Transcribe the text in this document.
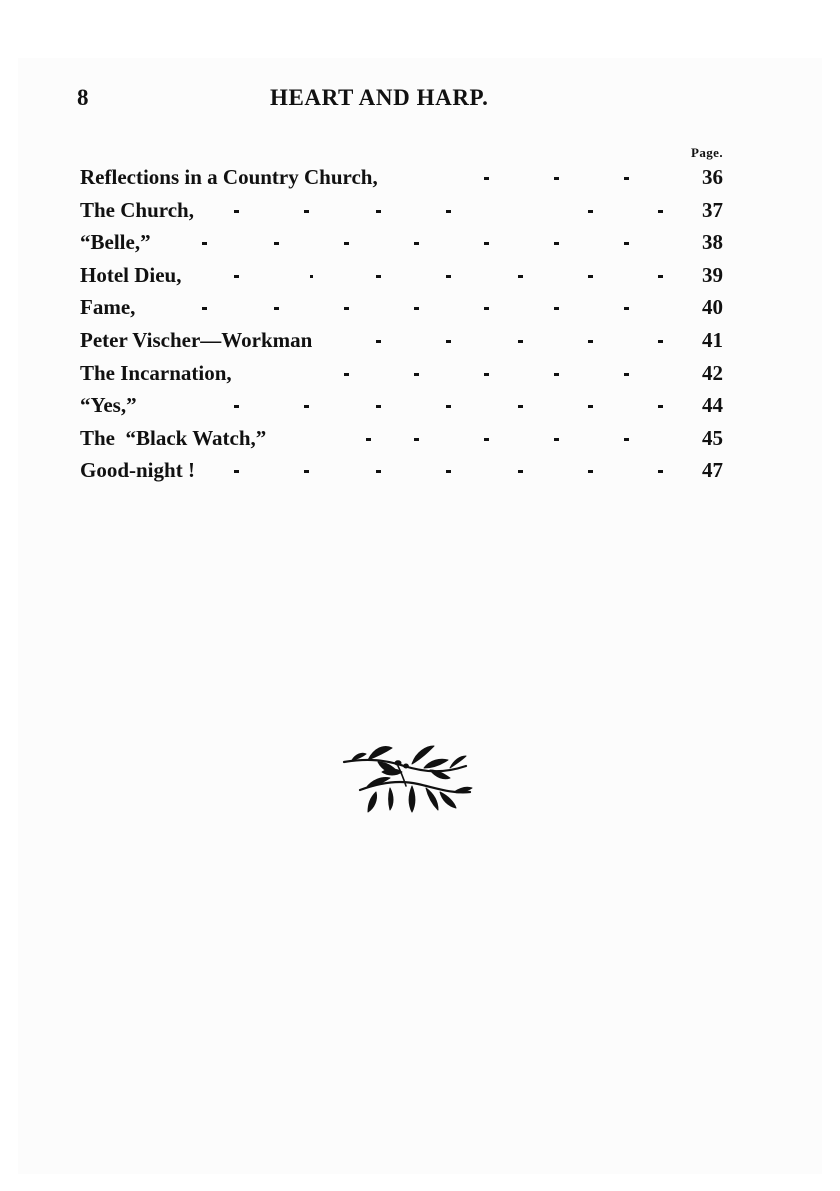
8	HEART AND HARP.
Page.
Reflections in a Country Church,	36
The Church,	37
“Belle,”	38
Hotel Dieu,	39
Fame,	40
Peter Vischer—Workman	41
The Incarnation,	42
“Yes,”	44
The  “Black Watch,”	45
Good-night !	47
